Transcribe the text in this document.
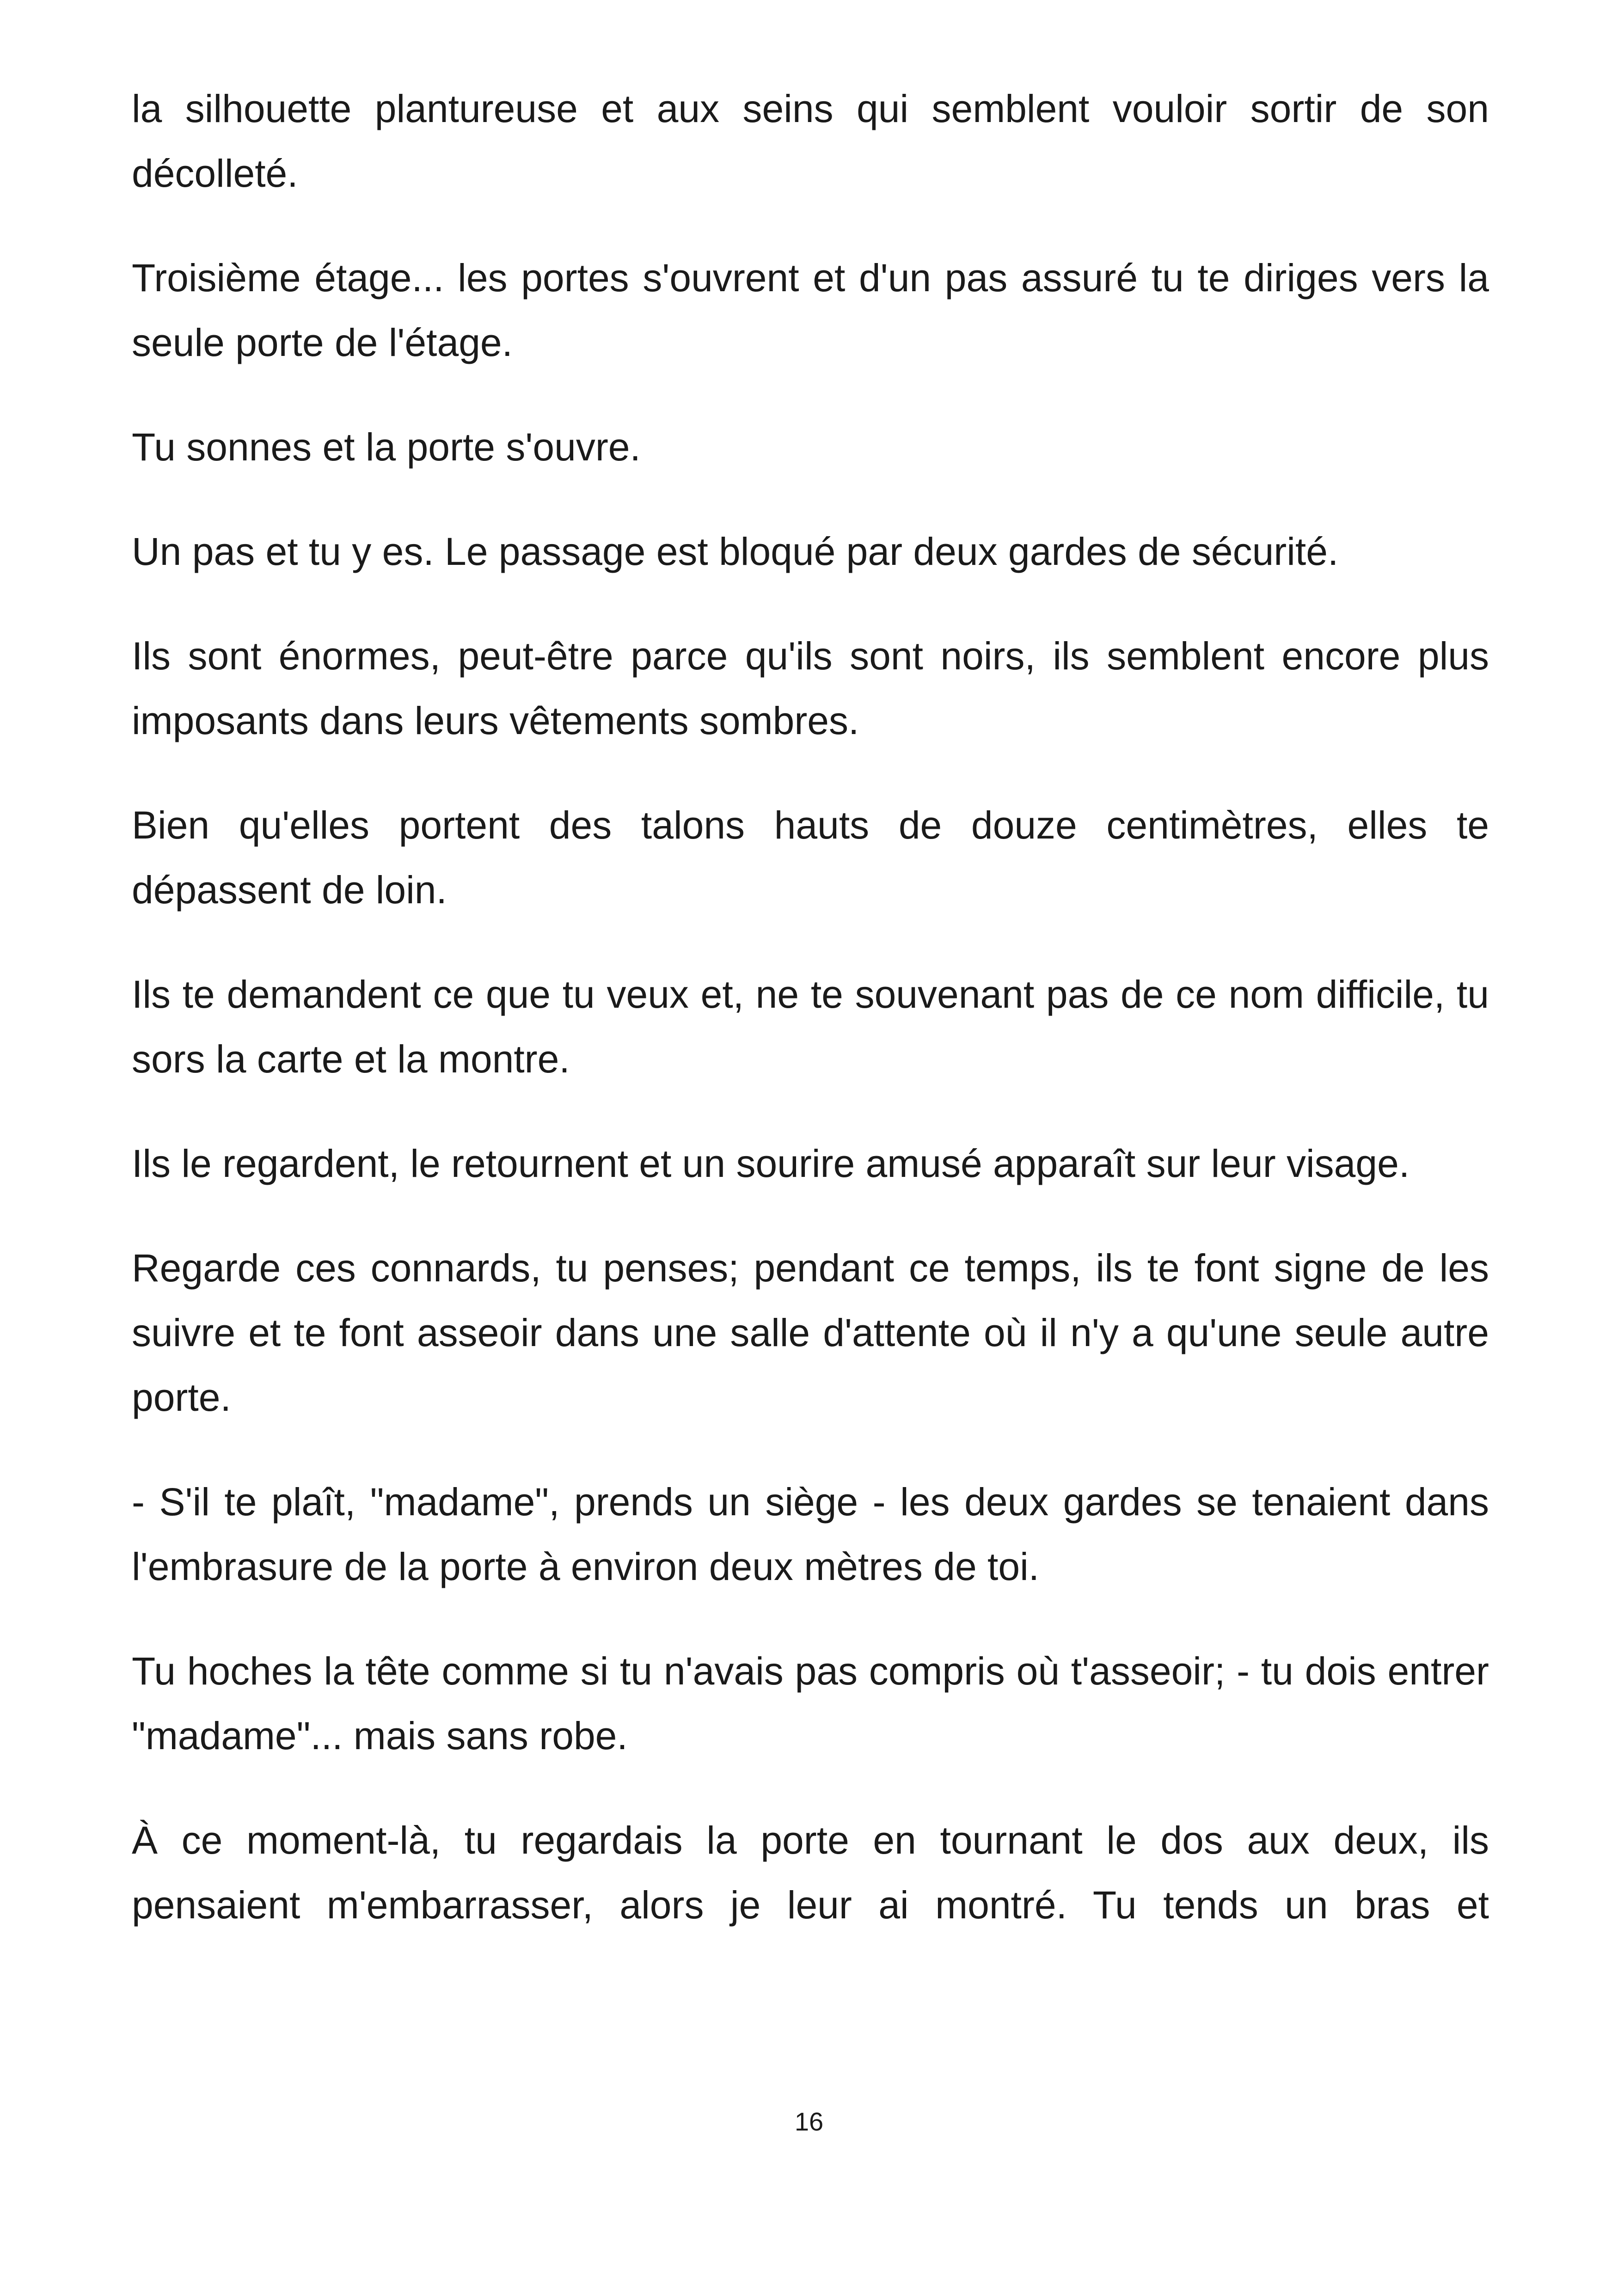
la silhouette plantureuse et aux seins qui semblent vouloir sortir de son décolleté.

Troisième étage... les portes s'ouvrent et d'un pas assuré tu te diriges vers la seule porte de l'étage.

Tu sonnes et la porte s'ouvre.

Un pas et tu y es. Le passage est bloqué par deux gardes de sécurité.

Ils sont énormes, peut-être parce qu'ils sont noirs, ils semblent encore plus imposants dans leurs vêtements sombres.

Bien qu'elles portent des talons hauts de douze centimètres, elles te dépassent de loin.

Ils te demandent ce que tu veux et, ne te souvenant pas de ce nom difficile, tu sors la carte et la montre.

Ils le regardent, le retournent et un sourire amusé apparaît sur leur visage.

Regarde ces connards, tu penses; pendant ce temps, ils te font signe de les suivre et te font asseoir dans une salle d'attente où il n'y a qu'une seule autre porte.

- S'il te plaît, "madame", prends un siège - les deux gardes se tenaient dans l'embrasure de la porte à environ deux mètres de toi.

Tu hoches la tête comme si tu n'avais pas compris où t'asseoir; - tu dois entrer "madame"... mais sans robe.

À ce moment-là, tu regardais la porte en tournant le dos aux deux, ils pensaient m'embarrasser, alors je leur ai montré. Tu tends un bras et

16
